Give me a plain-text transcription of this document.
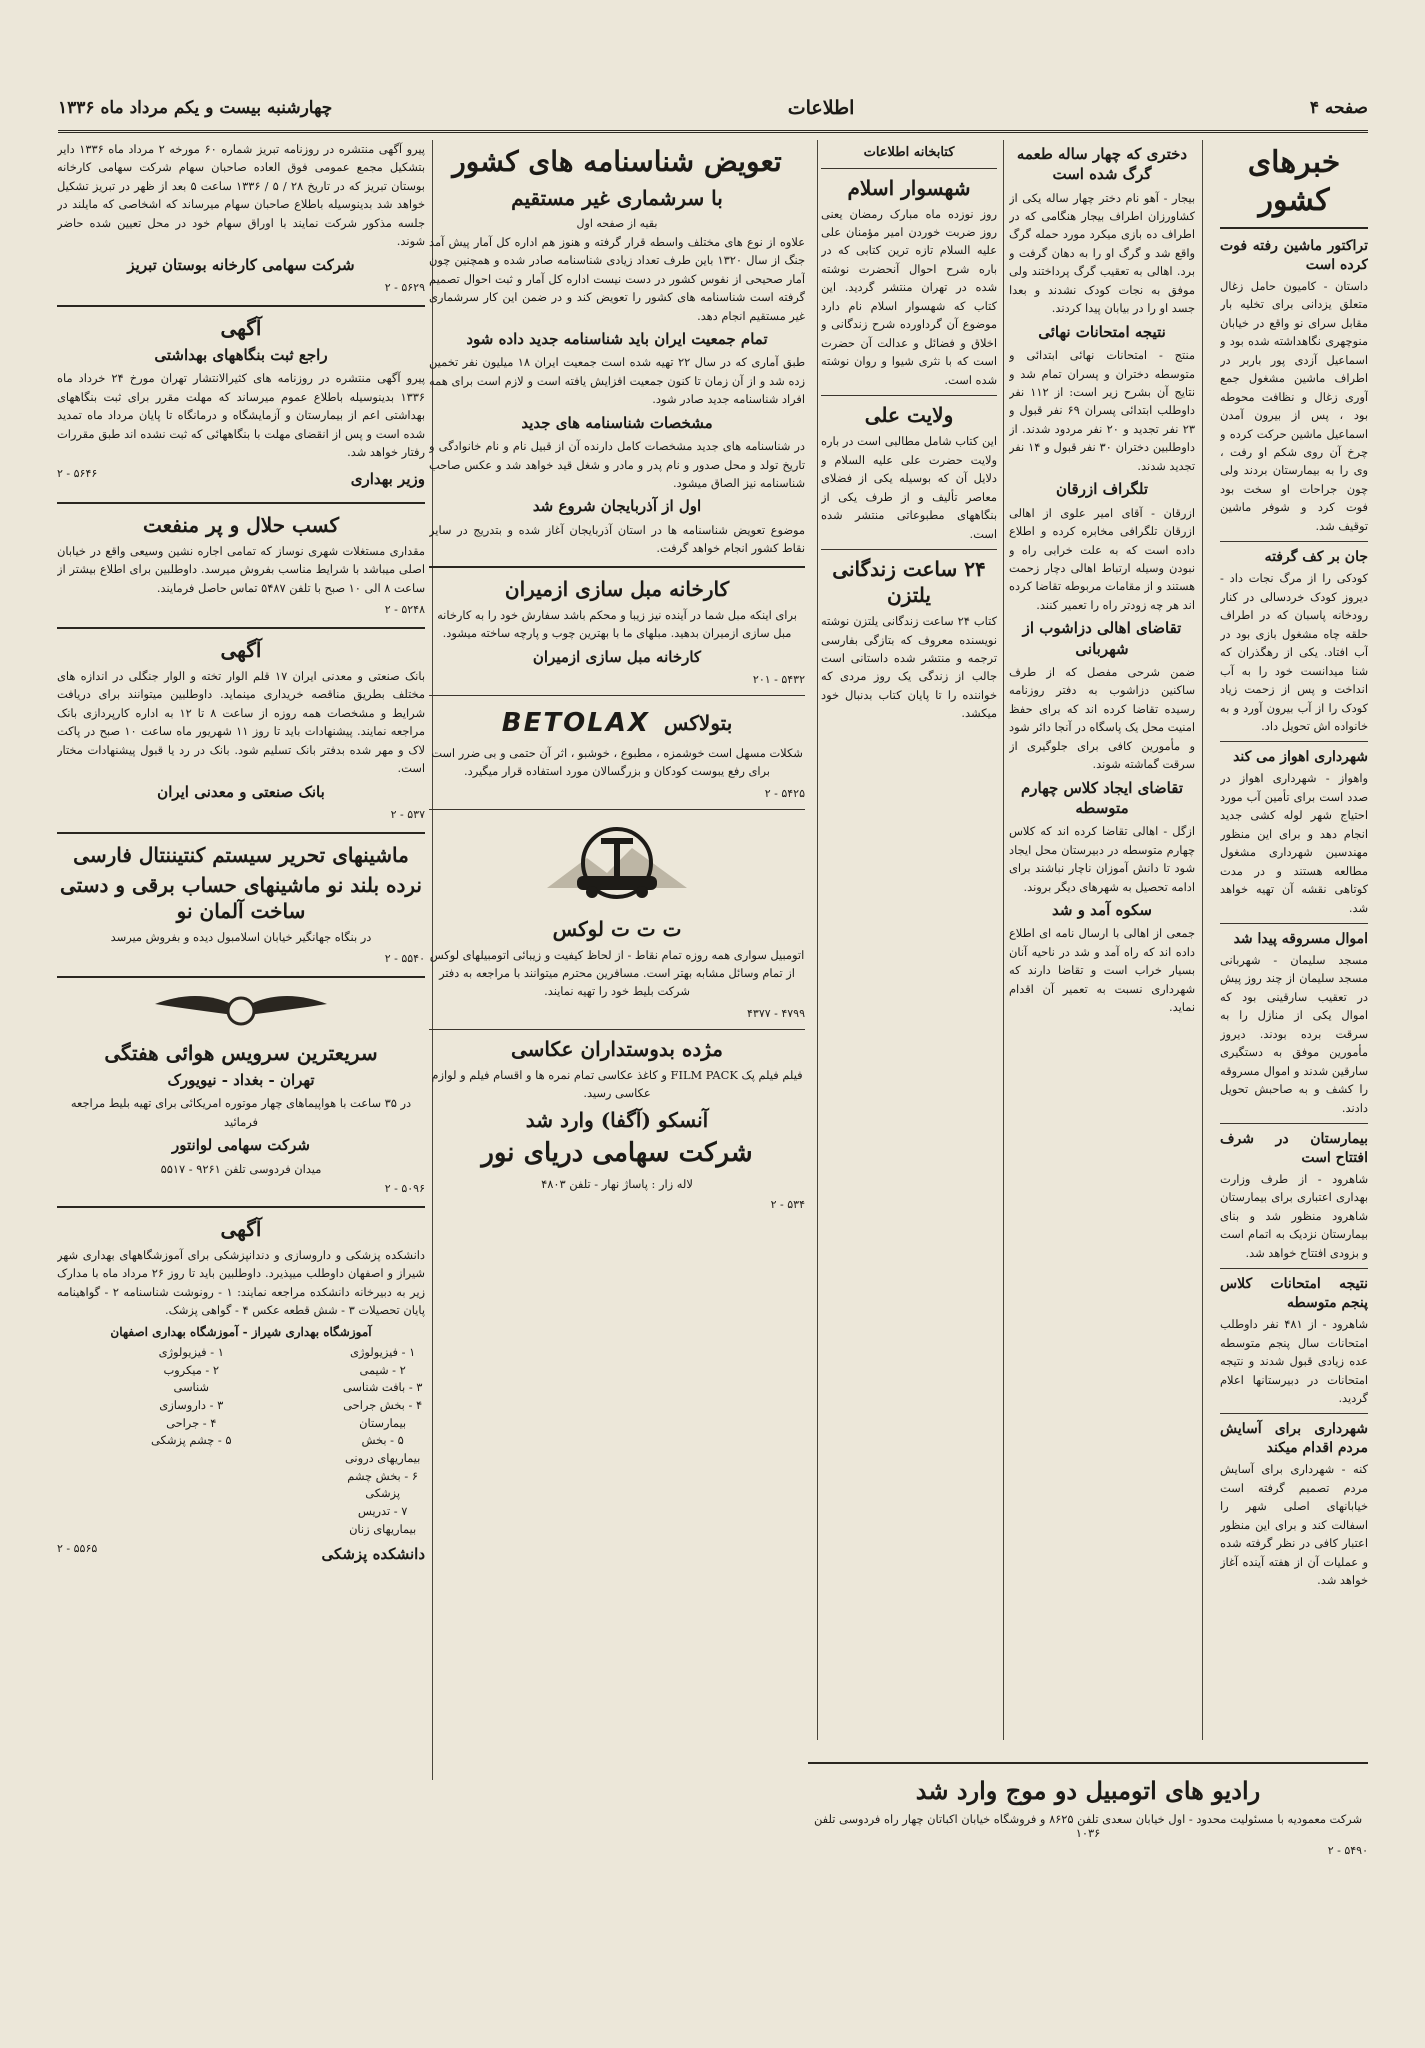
صفحه ۴
اطلاعات
چهارشنبه بیست و یکم مرداد ماه ۱۳۳۶
خبرهای کشور
تراکتور ماشین رفته فوت کرده است

داستان - کامیون حامل زغال متعلق یزدانی برای تخلیه بار مقابل سرای نو واقع در خیابان منوچهری نگاهداشته شده بود و اسماعیل آزدی پور باربر در اطراف ماشین مشغول جمع آوری زغال و نظافت محوطه بود ، پس از بیرون آمدن اسماعیل ماشین حرکت کرده و چرخ آن روی شکم او رفت ، وی را به بیمارستان بردند ولی چون جراحات او سخت بود فوت کرد و شوفر ماشین توقیف شد.

جان بر کف گرفته

کودکی را از مرگ نجات داد - دیروز کودک خردسالی در کنار رودخانه پاسبان که در اطراف حلقه چاه مشغول بازی بود در آب افتاد. یکی از رهگذران که شنا میدانست خود را به آب انداخت و پس از زحمت زیاد کودک را از آب بیرون آورد و به خانواده اش تحویل داد.

شهرداری اهواز می کند

واهواز - شهرداری اهواز در صدد است برای تأمین آب مورد احتیاج شهر لوله کشی جدید انجام دهد و برای این منظور مهندسین شهرداری مشغول مطالعه هستند و در مدت کوتاهی نقشه آن تهیه خواهد شد.

اموال مسروقه پیدا شد

مسجد سلیمان - شهربانی مسجد سلیمان از چند روز پیش در تعقیب سارقینی بود که اموال یکی از منازل را به سرقت برده بودند. دیروز مأمورین موفق به دستگیری سارقین شدند و اموال مسروقه را کشف و به صاحبش تحویل دادند.

بیمارستان در شرف افتتاح است

شاهرود - از طرف وزارت بهداری اعتباری برای بیمارستان شاهرود منظور شد و بنای بیمارستان نزدیک به اتمام است و بزودی افتتاح خواهد شد.

نتیجه امتحانات کلاس پنجم متوسطه

شاهرود - از ۴۸۱ نفر داوطلب امتحانات سال پنجم متوسطه عده زیادی قبول شدند و نتیجه امتحانات در دبیرستانها اعلام گردید.

شهرداری برای آسایش مردم اقدام میکند

کنه - شهرداری برای آسایش مردم تصمیم گرفته است خیابانهای اصلی شهر را اسفالت کند و برای این منظور اعتبار کافی در نظر گرفته شده و عملیات آن از هفته آینده آغاز خواهد شد.

دختری که چهار ساله طعمه گرگ شده است

بیجار - آهو نام دختر چهار ساله یکی از کشاورزان اطراف بیجار هنگامی که در اطراف ده بازی میکرد مورد حمله گرگ واقع شد و گرگ او را به دهان گرفت و برد. اهالی به تعقیب گرگ پرداختند ولی موفق به نجات کودک نشدند و بعدا جسد او را در بیابان پیدا کردند.

نتیجه امتحانات نهائی

منتج - امتحانات نهائی ابتدائی و متوسطه دختران و پسران تمام شد و نتایج آن بشرح زیر است: از ۱۱۲ نفر داوطلب ابتدائی پسران ۶۹ نفر قبول و ۲۳ نفر تجدید و ۲۰ نفر مردود شدند. از داوطلبین دختران ۳۰ نفر قبول و ۱۴ نفر تجدید شدند.

تلگراف ازرقان

ازرقان - آقای امیر علوی از اهالی ازرقان تلگرافی مخابره کرده و اطلاع داده است که به علت خرابی راه و نبودن وسیله ارتباط اهالی دچار زحمت هستند و از مقامات مربوطه تقاضا کرده اند هر چه زودتر راه را تعمیر کنند.

تقاضای اهالی دزاشوب از شهربانی

ضمن شرحی مفصل که از طرف ساکنین دزاشوب به دفتر روزنامه رسیده تقاضا کرده اند که برای حفظ امنیت محل یک پاسگاه در آنجا دائر شود و مأمورین کافی برای جلوگیری از سرقت گماشته شوند.

تقاضای ایجاد کلاس چهارم متوسطه

ازگل - اهالی تقاضا کرده اند که کلاس چهارم متوسطه در دبیرستان محل ایجاد شود تا دانش آموزان ناچار نباشند برای ادامه تحصیل به شهرهای دیگر بروند.

سکوه آمد و شد

جمعی از اهالی با ارسال نامه ای اطلاع داده اند که راه آمد و شد در ناحیه آنان بسیار خراب است و تقاضا دارند که شهرداری نسبت به تعمیر آن اقدام نماید.

کتابخانه اطلاعات
شهسوار اسلام

روز نوزده ماه مبارک رمضان یعنی روز ضربت خوردن امیر مؤمنان علی علیه السلام تازه ترین کتابی که در باره شرح احوال آنحضرت نوشته شده در تهران منتشر گردید. این کتاب که شهسوار اسلام نام دارد موضوع آن گرداورده شرح زندگانی و اخلاق و فضائل و عدالت آن حضرت است که با نثری شیوا و روان نوشته شده است.

ولایت علی

این کتاب شامل مطالبی است در باره ولایت حضرت علی علیه السلام و دلایل آن که بوسیله یکی از فضلای معاصر تألیف و از طرف یکی از بنگاههای مطبوعاتی منتشر شده است.

۲۴ ساعت زندگانی یلتزن

کتاب ۲۴ ساعت زندگانی یلتزن نوشته نویسنده معروف که بتازگی بفارسی ترجمه و منتشر شده داستانی است جالب از زندگی یک روز مردی که خواننده را تا پایان کتاب بدنبال خود میکشد.

تعویض شناسنامه های کشور
با سرشماری غیر مستقیم
بقیه از صفحه اول

علاوه از نوع های مختلف واسطه قرار گرفته و هنوز هم اداره کل آمار پیش آمد جنگ از سال ۱۳۲۰ باین طرف تعداد زیادی شناسنامه صادر شده و همچنین چون آمار صحیحی از نفوس کشور در دست نیست اداره کل آمار و ثبت احوال تصمیم گرفته است شناسنامه های کشور را تعویض کند و در ضمن این کار سرشماری غیر مستقیم انجام دهد.

تمام جمعیت ایران باید شناسنامه جدید داده شود

طبق آماری که در سال ۲۲ تهیه شده است جمعیت ایران ۱۸ میلیون نفر تخمین زده شد و از آن زمان تا کنون جمعیت افزایش یافته است و لازم است برای همه افراد شناسنامه جدید صادر شود.

مشخصات شناسنامه های جدید

در شناسنامه های جدید مشخصات کامل دارنده آن از قبیل نام و نام خانوادگی و تاریخ تولد و محل صدور و نام پدر و مادر و شغل قید خواهد شد و عکس صاحب شناسنامه نیز الصاق میشود.

اول از آذربایجان شروع شد

موضوع تعویض شناسنامه ها در استان آذربایجان آغاز شده و بتدریج در سایر نقاط کشور انجام خواهد گرفت.

کارخانه مبل سازی ازمیران

برای اینکه مبل شما در آینده نیز زیبا و محکم باشد سفارش خود را به کارخانه مبل سازی ازمیران بدهید. مبلهای ما با بهترین چوب و پارچه ساخته میشود.

کارخانه مبل سازی ازمیران
۵۴۳۲ - ۲۰۱
بتولاکس
BETOLAX

شکلات مسهل است خوشمزه ، مطبوع ، خوشبو ، اثر آن حتمی و بی ضرر است برای رفع یبوست کودکان و بزرگسالان مورد استفاده قرار میگیرد.

۵۴۲۵ - ۲
ت ت ت لوکس

اتومبیل سواری همه روزه تمام نقاط - از لحاظ کیفیت و زیبائی اتومبیلهای لوکس از تمام وسائل مشابه بهتر است. مسافرین محترم میتوانند با مراجعه به دفتر شرکت بلیط خود را تهیه نمایند.

۴۷۹۹ - ۴۳۷۷
مژده بدوستداران عکاسی

فیلم فیلم پک FILM PACK و کاغذ عکاسی تمام نمره ها و اقسام فیلم و لوازم عکاسی رسید.

آنسکو (آگفا) وارد شد
شرکت سهامی دریای نور
لاله زار : پاساژ نهار - تلفن ۴۸۰۳
۵۳۴ - ۲

پیرو آگهی منتشره در روزنامه تبریز شماره ۶۰ مورخه ۲ مرداد ماه ۱۳۳۶ دایر بتشکیل مجمع عمومی فوق العاده صاحبان سهام شرکت سهامی کارخانه بوستان تبریز که در تاریخ ۲۸ / ۵ / ۱۳۳۶ ساعت ۵ بعد از ظهر در تبریز تشکیل خواهد شد بدینوسیله باطلاع صاحبان سهام میرساند که اشخاصی که مایلند در جلسه مذکور شرکت نمایند با اوراق سهام خود در محل تعیین شده حاضر شوند.

شرکت سهامی کارخانه بوستان تبریز
۵۶۲۹ - ۲
آگهی
راجع ثبت بنگاههای بهداشتی

پیرو آگهی منتشره در روزنامه های کثیرالانتشار تهران مورخ ۲۴ خرداد ماه ۱۳۳۶ بدینوسیله باطلاع عموم میرساند که مهلت مقرر برای ثبت بنگاههای بهداشتی اعم از بیمارستان و آزمایشگاه و درمانگاه تا پایان مرداد ماه تمدید شده است و پس از انقضای مهلت با بنگاههائی که ثبت نشده اند طبق مقررات رفتار خواهد شد.

وزیر بهداری
۵۶۴۶ - ۲
کسب حلال و پر منفعت

مقداری مستغلات شهری نوساز که تمامی اجاره نشین وسیعی واقع در خیابان اصلی میباشد با شرایط مناسب بفروش میرسد. داوطلبین برای اطلاع بیشتر از ساعت ۸ الی ۱۰ صبح با تلفن ۵۴۸۷ تماس حاصل فرمایند.

۵۲۴۸ - ۲
آگهی

بانک صنعتی و معدنی ایران ۱۷ قلم الوار تخته و الوار جنگلی در اندازه های مختلف بطریق مناقصه خریداری مینماید. داوطلبین میتوانند برای دریافت شرایط و مشخصات همه روزه از ساعت ۸ تا ۱۲ به اداره کارپردازی بانک مراجعه نمایند. پیشنهادات باید تا روز ۱۱ شهریور ماه ساعت ۱۰ صبح در پاکت لاک و مهر شده بدفتر بانک تسلیم شود. بانک در رد یا قبول پیشنهادات مختار است.

بانک صنعتی و معدنی ایران
۵۳۷ - ۲
ماشینهای تحریر سیستم کنتیننتال فارسی
نرده بلند نو ماشینهای حساب برقی و دستی ساخت آلمان نو

در بنگاه جهانگیر خیابان اسلامبول دیده و بفروش میرسد

۵۵۴۰ - ۲
سریعترین سرویس هوائی هفتگی
تهران - بغداد - نیویورک

در ۳۵ ساعت با هواپیماهای چهار موتوره امریکائی برای تهیه بلیط مراجعه فرمائید

شرکت سهامی لوانتور
میدان فردوسی تلفن ۹۲۶۱ - ۵۵۱۷
۵۰۹۶ - ۲
آگهی

دانشکده پزشکی و داروسازی و دندانپزشکی برای آموزشگاههای بهداری شهر شیراز و اصفهان داوطلب میپذیرد. داوطلبین باید تا روز ۲۶ مرداد ماه با مدارک زیر به دبیرخانه دانشکده مراجعه نمایند: ۱ - رونوشت شناسنامه ۲ - گواهینامه پایان تحصیلات ۳ - شش قطعه عکس ۴ - گواهی پزشک.

آموزشگاه بهداری شیراز - آموزشگاه بهداری اصفهان
۱ - فیزیولوژی
۲ - شیمی
۳ - بافت شناسی
۴ - بخش جراحی بیمارستان
۵ - بخش بیماریهای درونی
۶ - بخش چشم پزشکی
۷ - تدریس بیماریهای زنان
۱ - فیزیولوژی
۲ - میکروب شناسی
۳ - داروسازی
۴ - جراحی
۵ - چشم پزشکی
دانشکده پزشکی
۵۵۶۵ - ۲
رادیو های اتومبیل دو موج وارد شد

شرکت معمودیه با مسئولیت محدود - اول خیابان سعدی تلفن ۸۶۲۵ و فروشگاه خیابان اکباتان چهار راه فردوسی تلفن ۱۰۳۶

۵۴۹۰ - ۲
